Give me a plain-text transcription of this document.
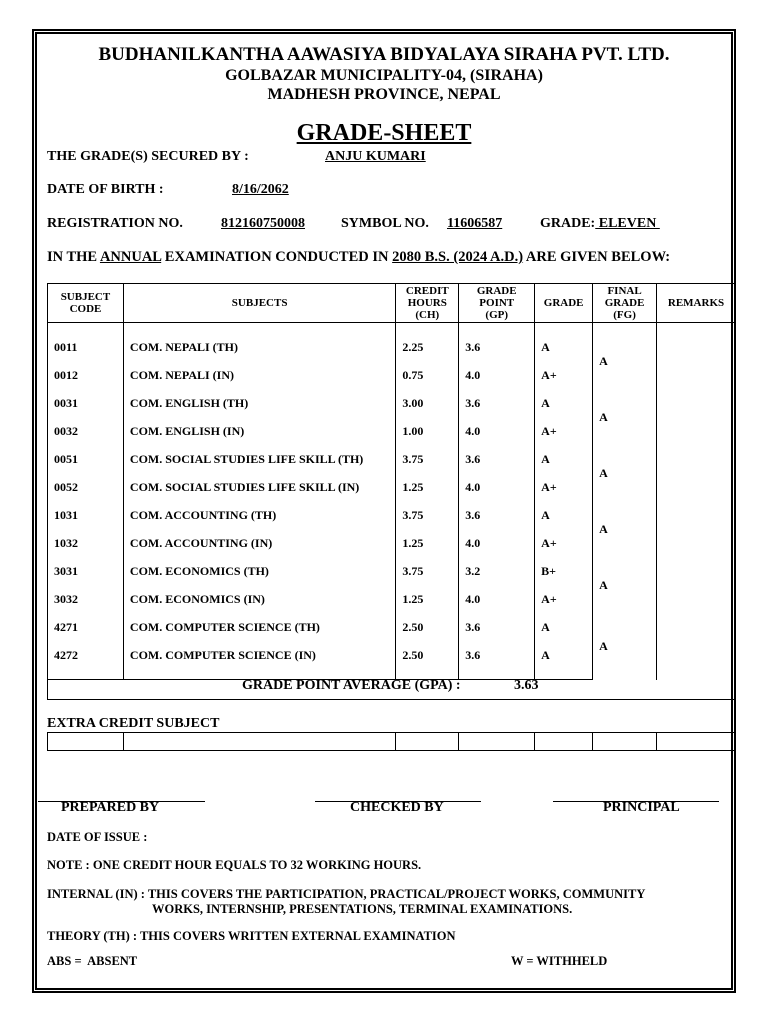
BUDHANILKANTHA AAWASIYA BIDYALAYA SIRAHA PVT. LTD.
GOLBAZAR MUNICIPALITY-04, (SIRAHA)
MADHESH PROVINCE, NEPAL
GRADE-SHEET
THE GRADE(S) SECURED BY :	ANJU KUMARI
DATE OF BIRTH :	8/16/2062
REGISTRATION NO.	812160750008	SYMBOL NO. 11606587	GRADE: ELEVEN
IN THE ANNUAL EXAMINATION CONDUCTED IN 2080 B.S. (2024 A.D.) ARE GIVEN BELOW:
SUBJECT
CODE	SUBJECTS	CREDIT
HOURS
(CH)	GRADE
POINT
(GP)	GRADE	FINAL
GRADE
(FG)	REMARKS
0011	COM. NEPALI (TH)	2.25	3.6	A	A	
0012	COM. NEPALI (IN)	0.75	4.0	A+		
0031	COM. ENGLISH (TH)	3.00	3.6	A	A	
0032	COM. ENGLISH (IN)	1.00	4.0	A+		
0051	COM. SOCIAL STUDIES LIFE SKILL (TH)	3.75	3.6	A	A	
0052	COM. SOCIAL STUDIES LIFE SKILL (IN)	1.25	4.0	A+		
1031	COM. ACCOUNTING (TH)	3.75	3.6	A	A	
1032	COM. ACCOUNTING (IN)	1.25	4.0	A+		
3031	COM. ECONOMICS (TH)	3.75	3.2	B+	A	
3032	COM. ECONOMICS (IN)	1.25	4.0	A+		
4271	COM. COMPUTER SCIENCE (TH)	2.50	3.6	A	A	
4272	COM. COMPUTER SCIENCE (IN)	2.50	3.6	A		
GRADE POINT AVERAGE (GPA) :	3.63
EXTRA CREDIT SUBJECT

PREPARED BY	CHECKED BY	PRINCIPAL
DATE OF ISSUE :
NOTE : ONE CREDIT HOUR EQUALS TO 32 WORKING HOURS.
INTERNAL (IN) : THIS COVERS THE PARTICIPATION, PRACTICAL/PROJECT WORKS, COMMUNITY
WORKS, INTERNSHIP, PRESENTATIONS, TERMINAL EXAMINATIONS.
THEORY (TH) : THIS COVERS WRITTEN EXTERNAL EXAMINATION
ABS =  ABSENT	W = WITHHELD
